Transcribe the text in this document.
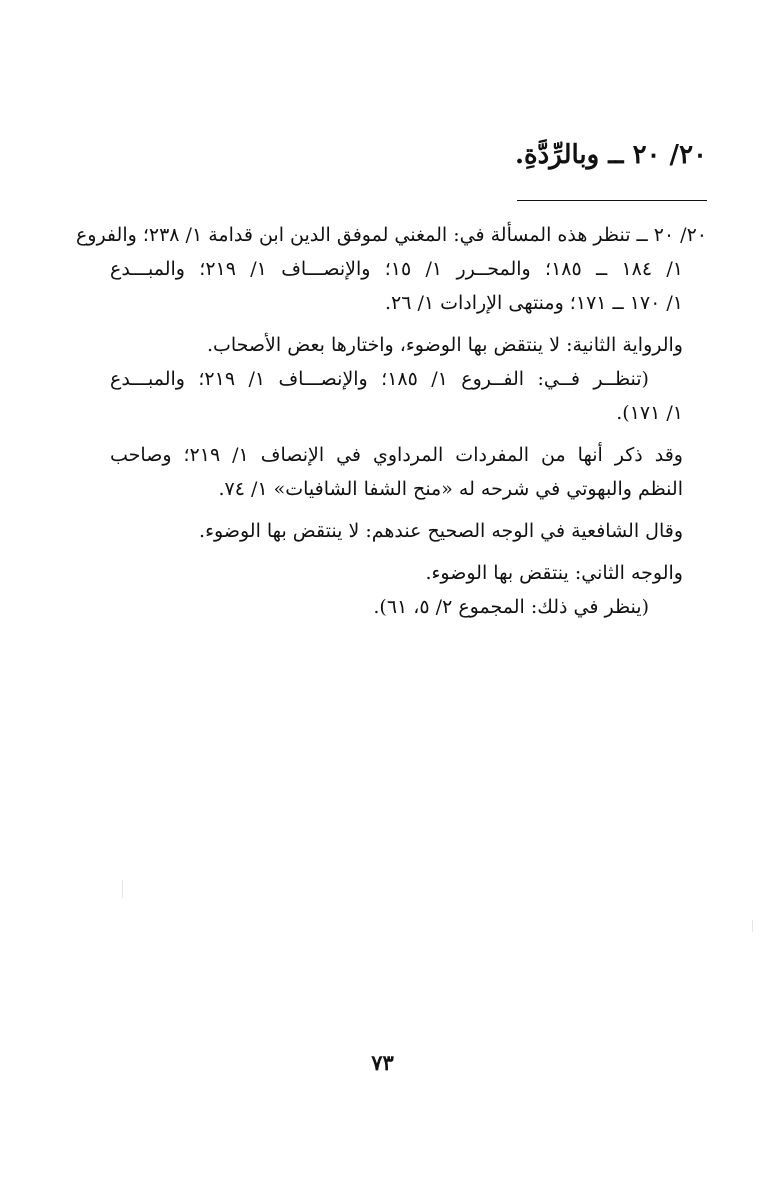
٢٠/ ٢٠ ــ وبالرِّدَّةِ.
٢٠/ ٢٠ ــ تنظر هذه المسألة في: المغني لموفق الدين ابن قدامة ١/ ٢٣٨؛ والفروع
١/ ١٨٤ ــ ١٨٥؛ والمحــرر ١/ ١٥؛ والإنصـــاف ١/ ٢١٩؛ والمبـــدع
١/ ١٧٠ ــ ١٧١؛ ومنتهى الإرادات ١/ ٢٦.
والرواية الثانية: لا ينتقض بها الوضوء، واختارها بعض الأصحاب.
(تنظــر فــي: الفــروع ١/ ١٨٥؛ والإنصـــاف ١/ ٢١٩؛ والمبـــدع
١/ ١٧١).
وقد ذكر أنها من المفردات المرداوي في الإنصاف ١/ ٢١٩؛ وصاحب
النظم والبهوتي في شرحه له «منح الشفا الشافيات» ١/ ٧٤.
وقال الشافعية في الوجه الصحيح عندهم: لا ينتقض بها الوضوء.
والوجه الثاني: ينتقض بها الوضوء.
(ينظر في ذلك: المجموع ٢/ ٥، ٦١).
٧٣
